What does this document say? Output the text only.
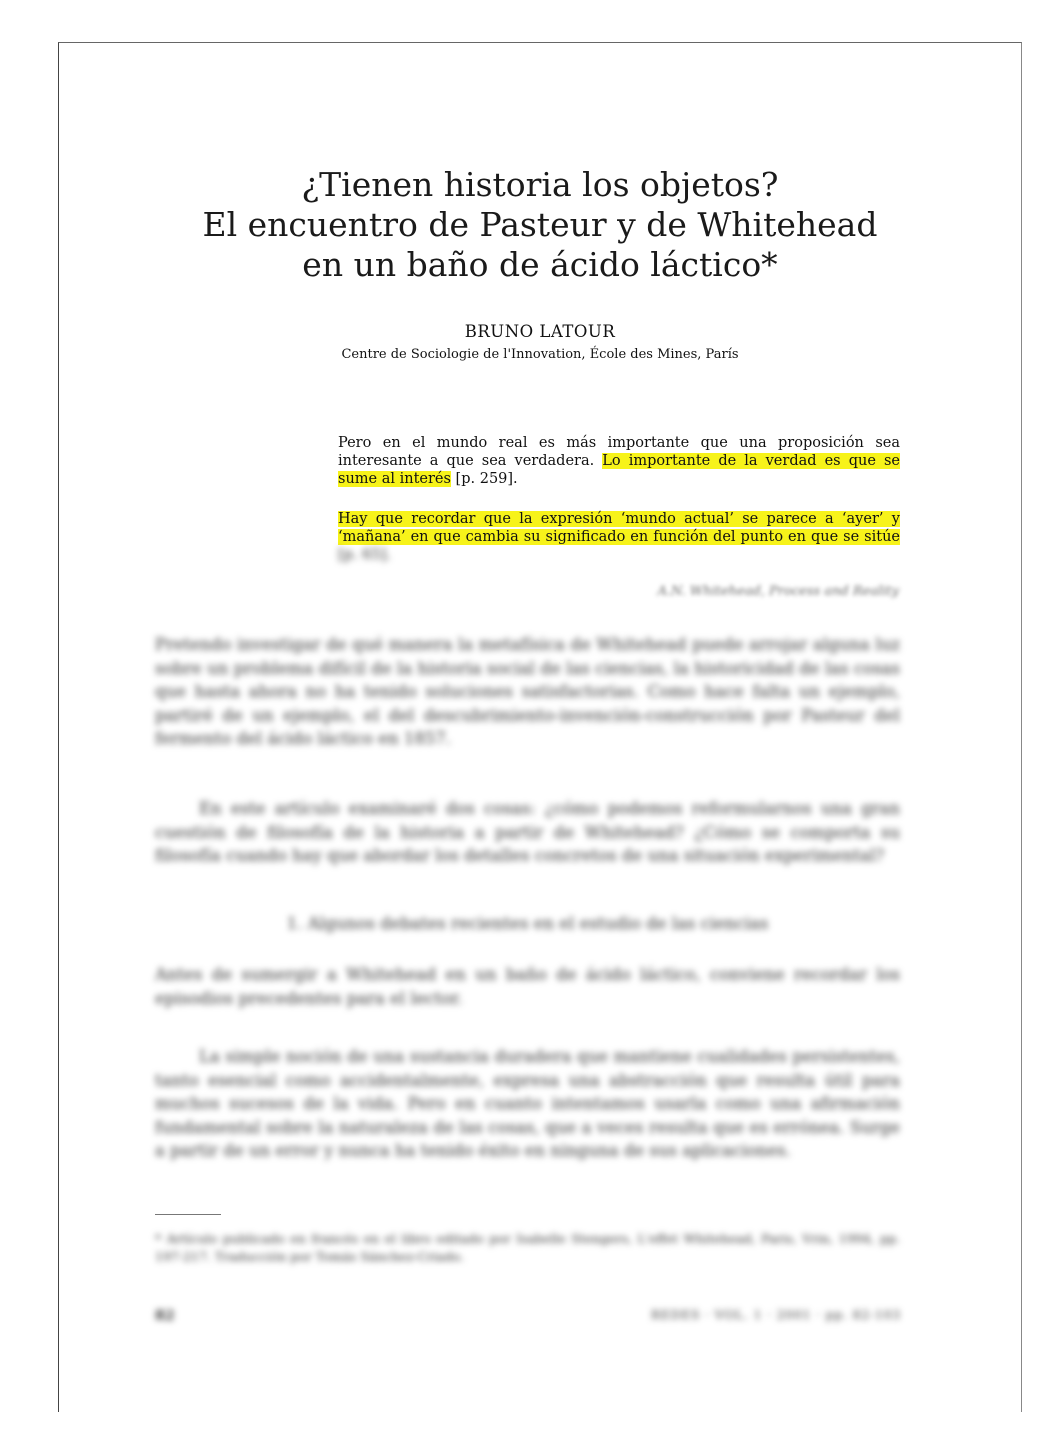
¿Tienen historia los objetos?
El encuentro de Pasteur y de Whitehead
en un baño de ácido láctico*
BRUNO LATOUR
Centre de Sociologie de l'Innovation, École des Mines, París
Pero en el mundo real es más importante que una proposición sea interesante a que sea verdadera. Lo importante de la verdad es que se sume al interés [p. 259].
Hay que recordar que la expresión ‘mundo actual’ se parece a ‘ayer’ y ‘mañana’ en que cambia su significado en función del punto en que se sitúe [p. 65].
A.N. Whitehead, Process and Reality
Pretendo investigar de qué manera la metafísica de Whitehead puede arrojar alguna luz sobre un problema difícil de la historia social de las ciencias, la historicidad de las cosas que hasta ahora no ha tenido soluciones satisfactorias. Como hace falta un ejemplo, partiré de un ejemplo, el del descubrimiento-invención-construcción por Pasteur del fermento del ácido láctico en 1857.
En este artículo examinaré dos cosas: ¿cómo podemos reformularnos una gran cuestión de filosofía de la historia a partir de Whitehead? ¿Cómo se comporta su filosofía cuando hay que abordar los detalles concretos de una situación experimental?
1. Algunos debates recientes en el estudio de las ciencias
Antes de sumergir a Whitehead en un baño de ácido láctico, conviene recordar los episodios precedentes para el lector.
La simple noción de una sustancia duradera que mantiene cualidades persistentes, tanto esencial como accidentalmente, expresa una abstracción que resulta útil para muchos sucesos de la vida. Pero en cuanto intentamos usarla como una afirmación fundamental sobre la naturaleza de las cosas, que a veces resulta que es errónea. Surge a partir de un error y nunca ha tenido éxito en ninguna de sus aplicaciones.
* Artículo publicado en francés en el libro editado por Isabelle Stengers, L'effet Whitehead, Paris, Vrin, 1994, pp. 197-217. Traducción por Tomás Sánchez-Criado.
82	REDES · VOL. 1 · 2001 · pp. 82-103
